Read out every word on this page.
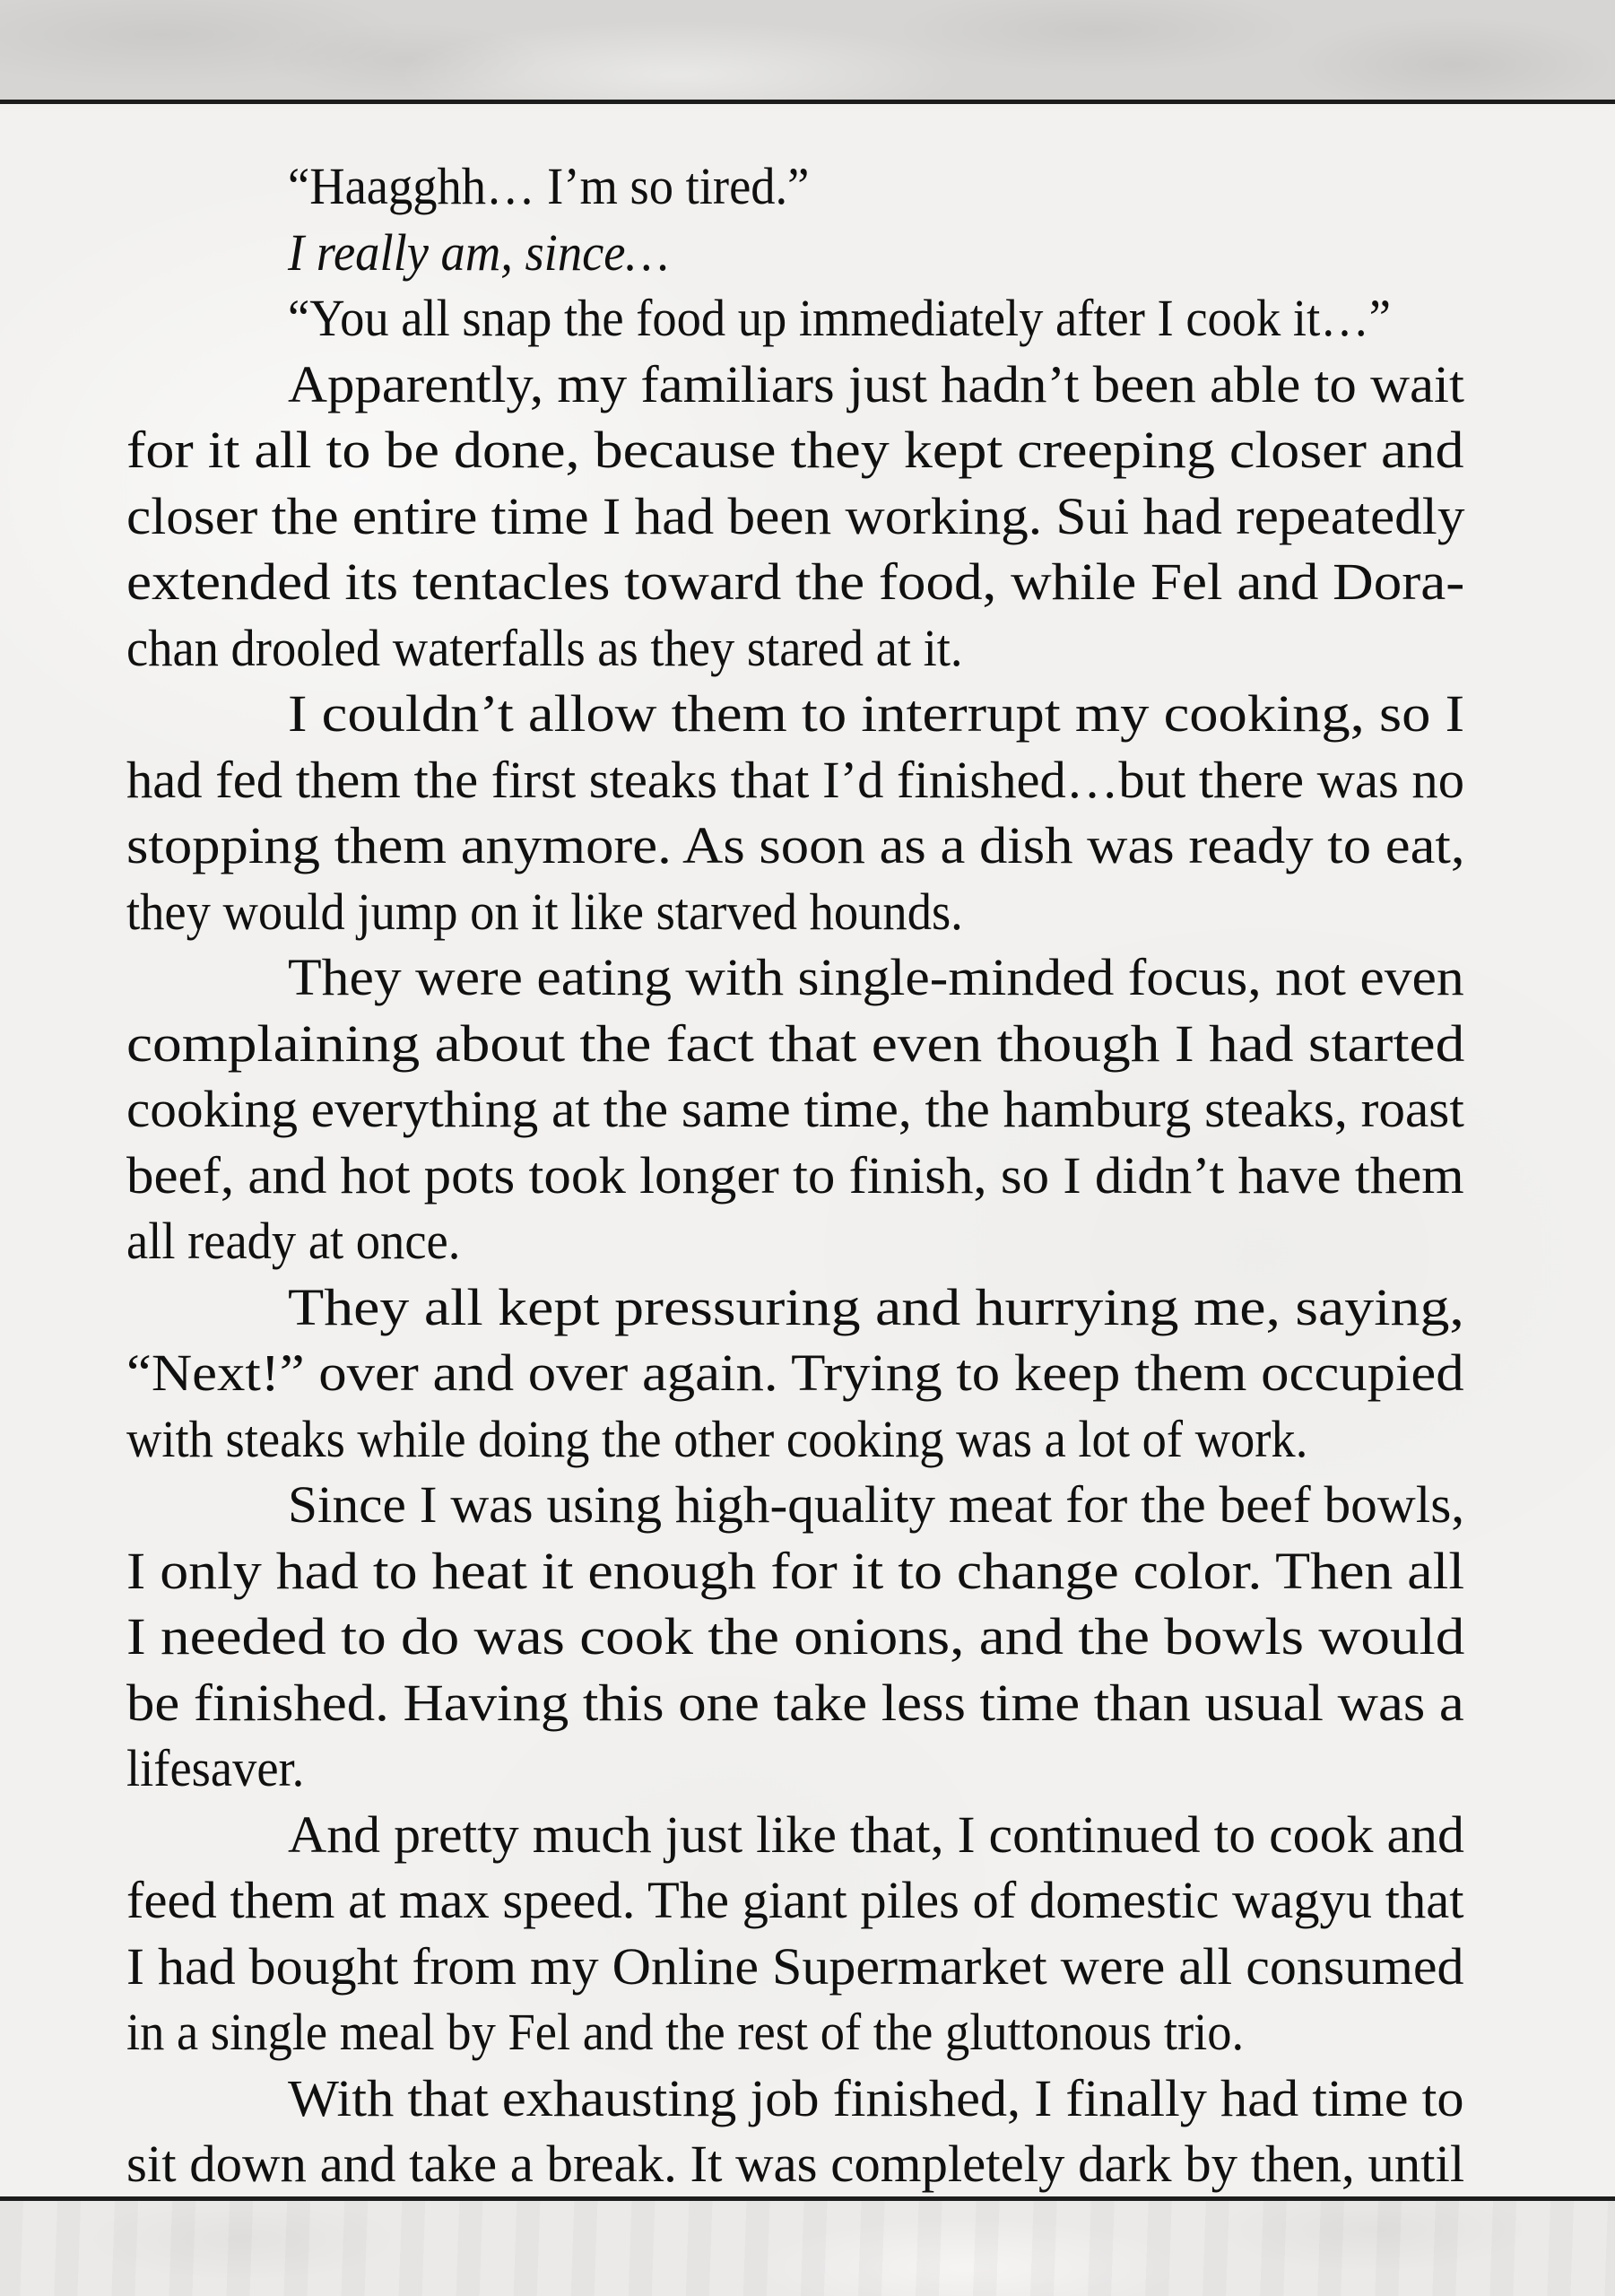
“Haagghh… I’m so tired.”
I really am, since…
“You all snap the food up immediately after I cook it…”
Apparently, my familiars just hadn’t been able to wait
for it all to be done, because they kept creeping closer and
closer the entire time I had been working. Sui had repeatedly
extended its tentacles toward the food, while Fel and Dora-
chan drooled waterfalls as they stared at it.
I couldn’t allow them to interrupt my cooking, so I
had fed them the first steaks that I’d finished…but there was no
stopping them anymore. As soon as a dish was ready to eat,
they would jump on it like starved hounds.
They were eating with single-minded focus, not even
complaining about the fact that even though I had started
cooking everything at the same time, the hamburg steaks, roast
beef, and hot pots took longer to finish, so I didn’t have them
all ready at once.
They all kept pressuring and hurrying me, saying,
“Next!” over and over again. Trying to keep them occupied
with steaks while doing the other cooking was a lot of work.
Since I was using high-quality meat for the beef bowls,
I only had to heat it enough for it to change color. Then all
I needed to do was cook the onions, and the bowls would
be finished. Having this one take less time than usual was a
lifesaver.
And pretty much just like that, I continued to cook and
feed them at max speed. The giant piles of domestic wagyu that
I had bought from my Online Supermarket were all consumed
in a single meal by Fel and the rest of the gluttonous trio.
With that exhausting job finished, I finally had time to
sit down and take a break. It was completely dark by then, until
